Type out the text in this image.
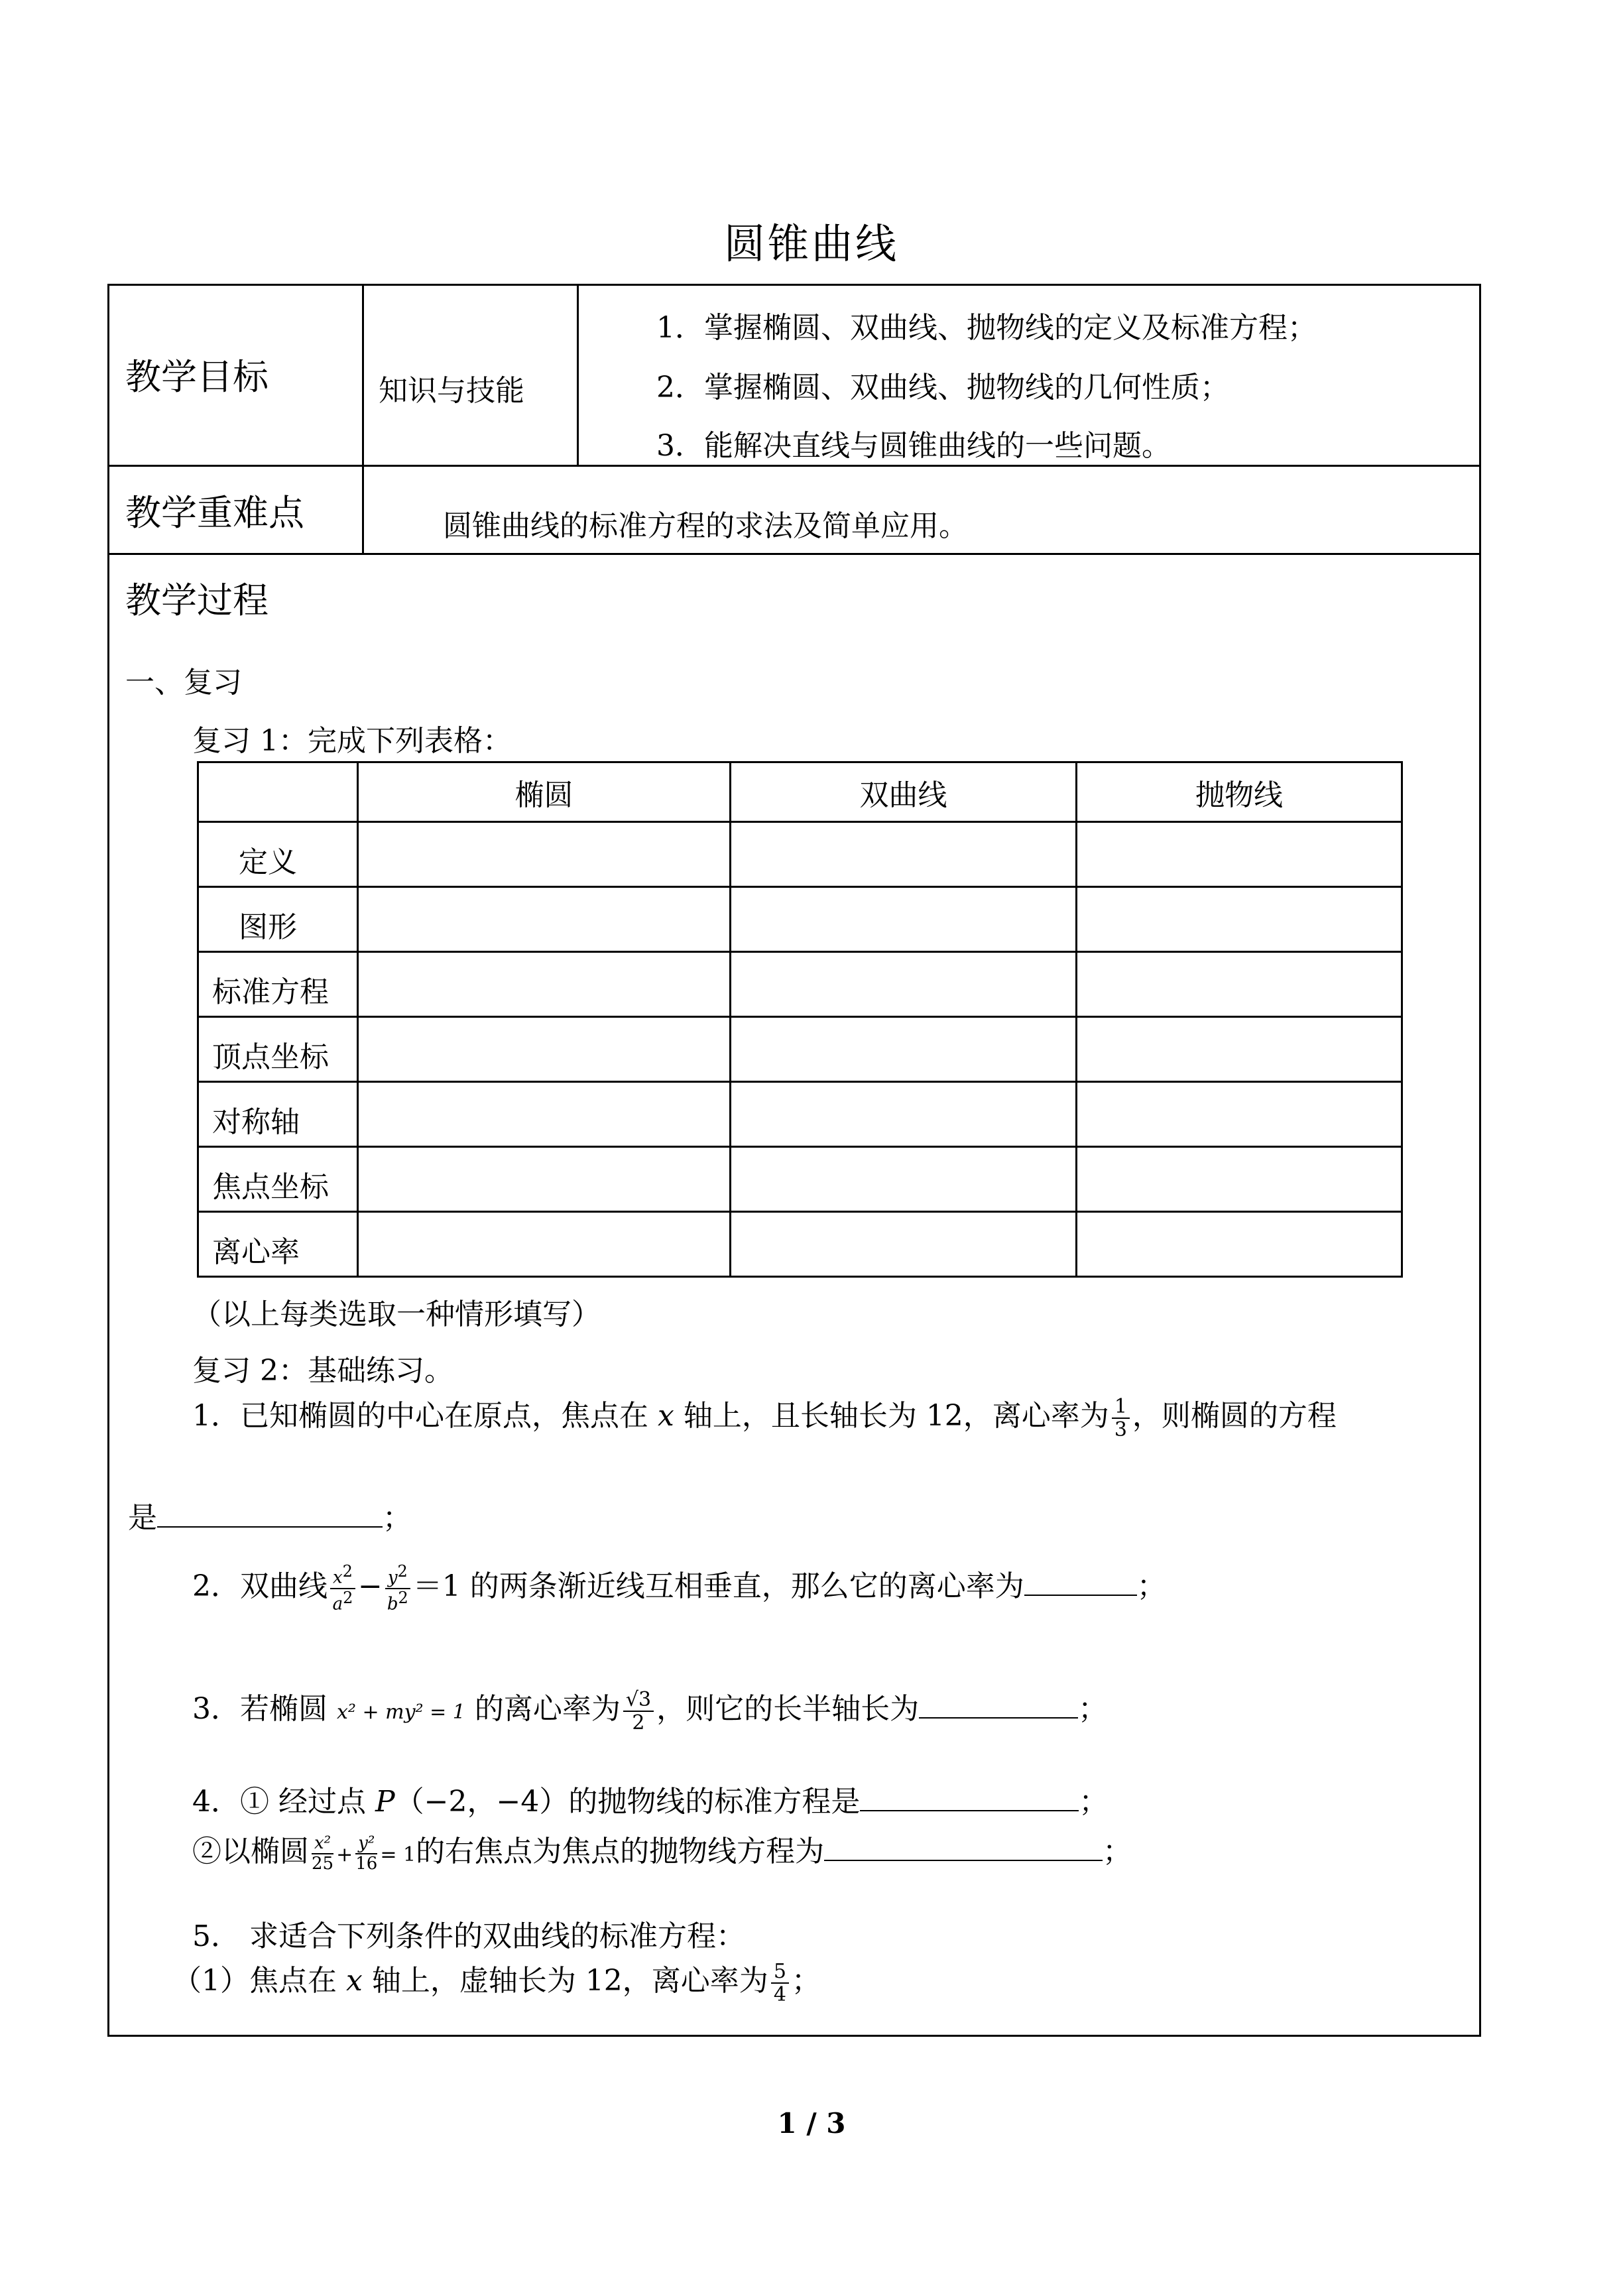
圆锥曲线
教学目标	知识与技能
1．掌握椭圆、双曲线、抛物线的定义及标准方程；
2．掌握椭圆、双曲线、抛物线的几何性质；
3．能解决直线与圆锥曲线的一些问题。
教学重难点	圆锥曲线的标准方程的求法及简单应用。
教学过程
一、复习
复习 1：完成下列表格：
	椭圆	双曲线	抛物线
定义			
图形			
标准方程			
顶点坐标			
对称轴			
焦点坐标			
离心率			
（以上每类选取一种情形填写）
复习 2：基础练习。
1．已知椭圆的中心在原点，焦点在 x 轴上，且长轴长为 12，离心率为 $\frac{1}{3}$ ，则椭圆的方程
是	；
2．双曲线 $\frac{x^2}{a^2} - \frac{y^2}{b^2} =1$ 的两条渐近线互相垂直，那么它的离心率为	；
3．若椭圆 x² + my² = 1 的离心率为 $\frac{√3}{2}$ ，则它的长半轴长为	；
4．① 经过点 P（−2，−4）的抛物线的标准方程是	；
②以椭圆 $\frac{\text{x²}}{25} + \frac{\text{y²}}{16} = 1$的右焦点为焦点的抛物线方程为	；
5． 求适合下列条件的双曲线的标准方程：
（1）焦点在 x 轴上，虚轴长为 12，离心率为 $\frac{5}{4}$ ；
1 / 3
